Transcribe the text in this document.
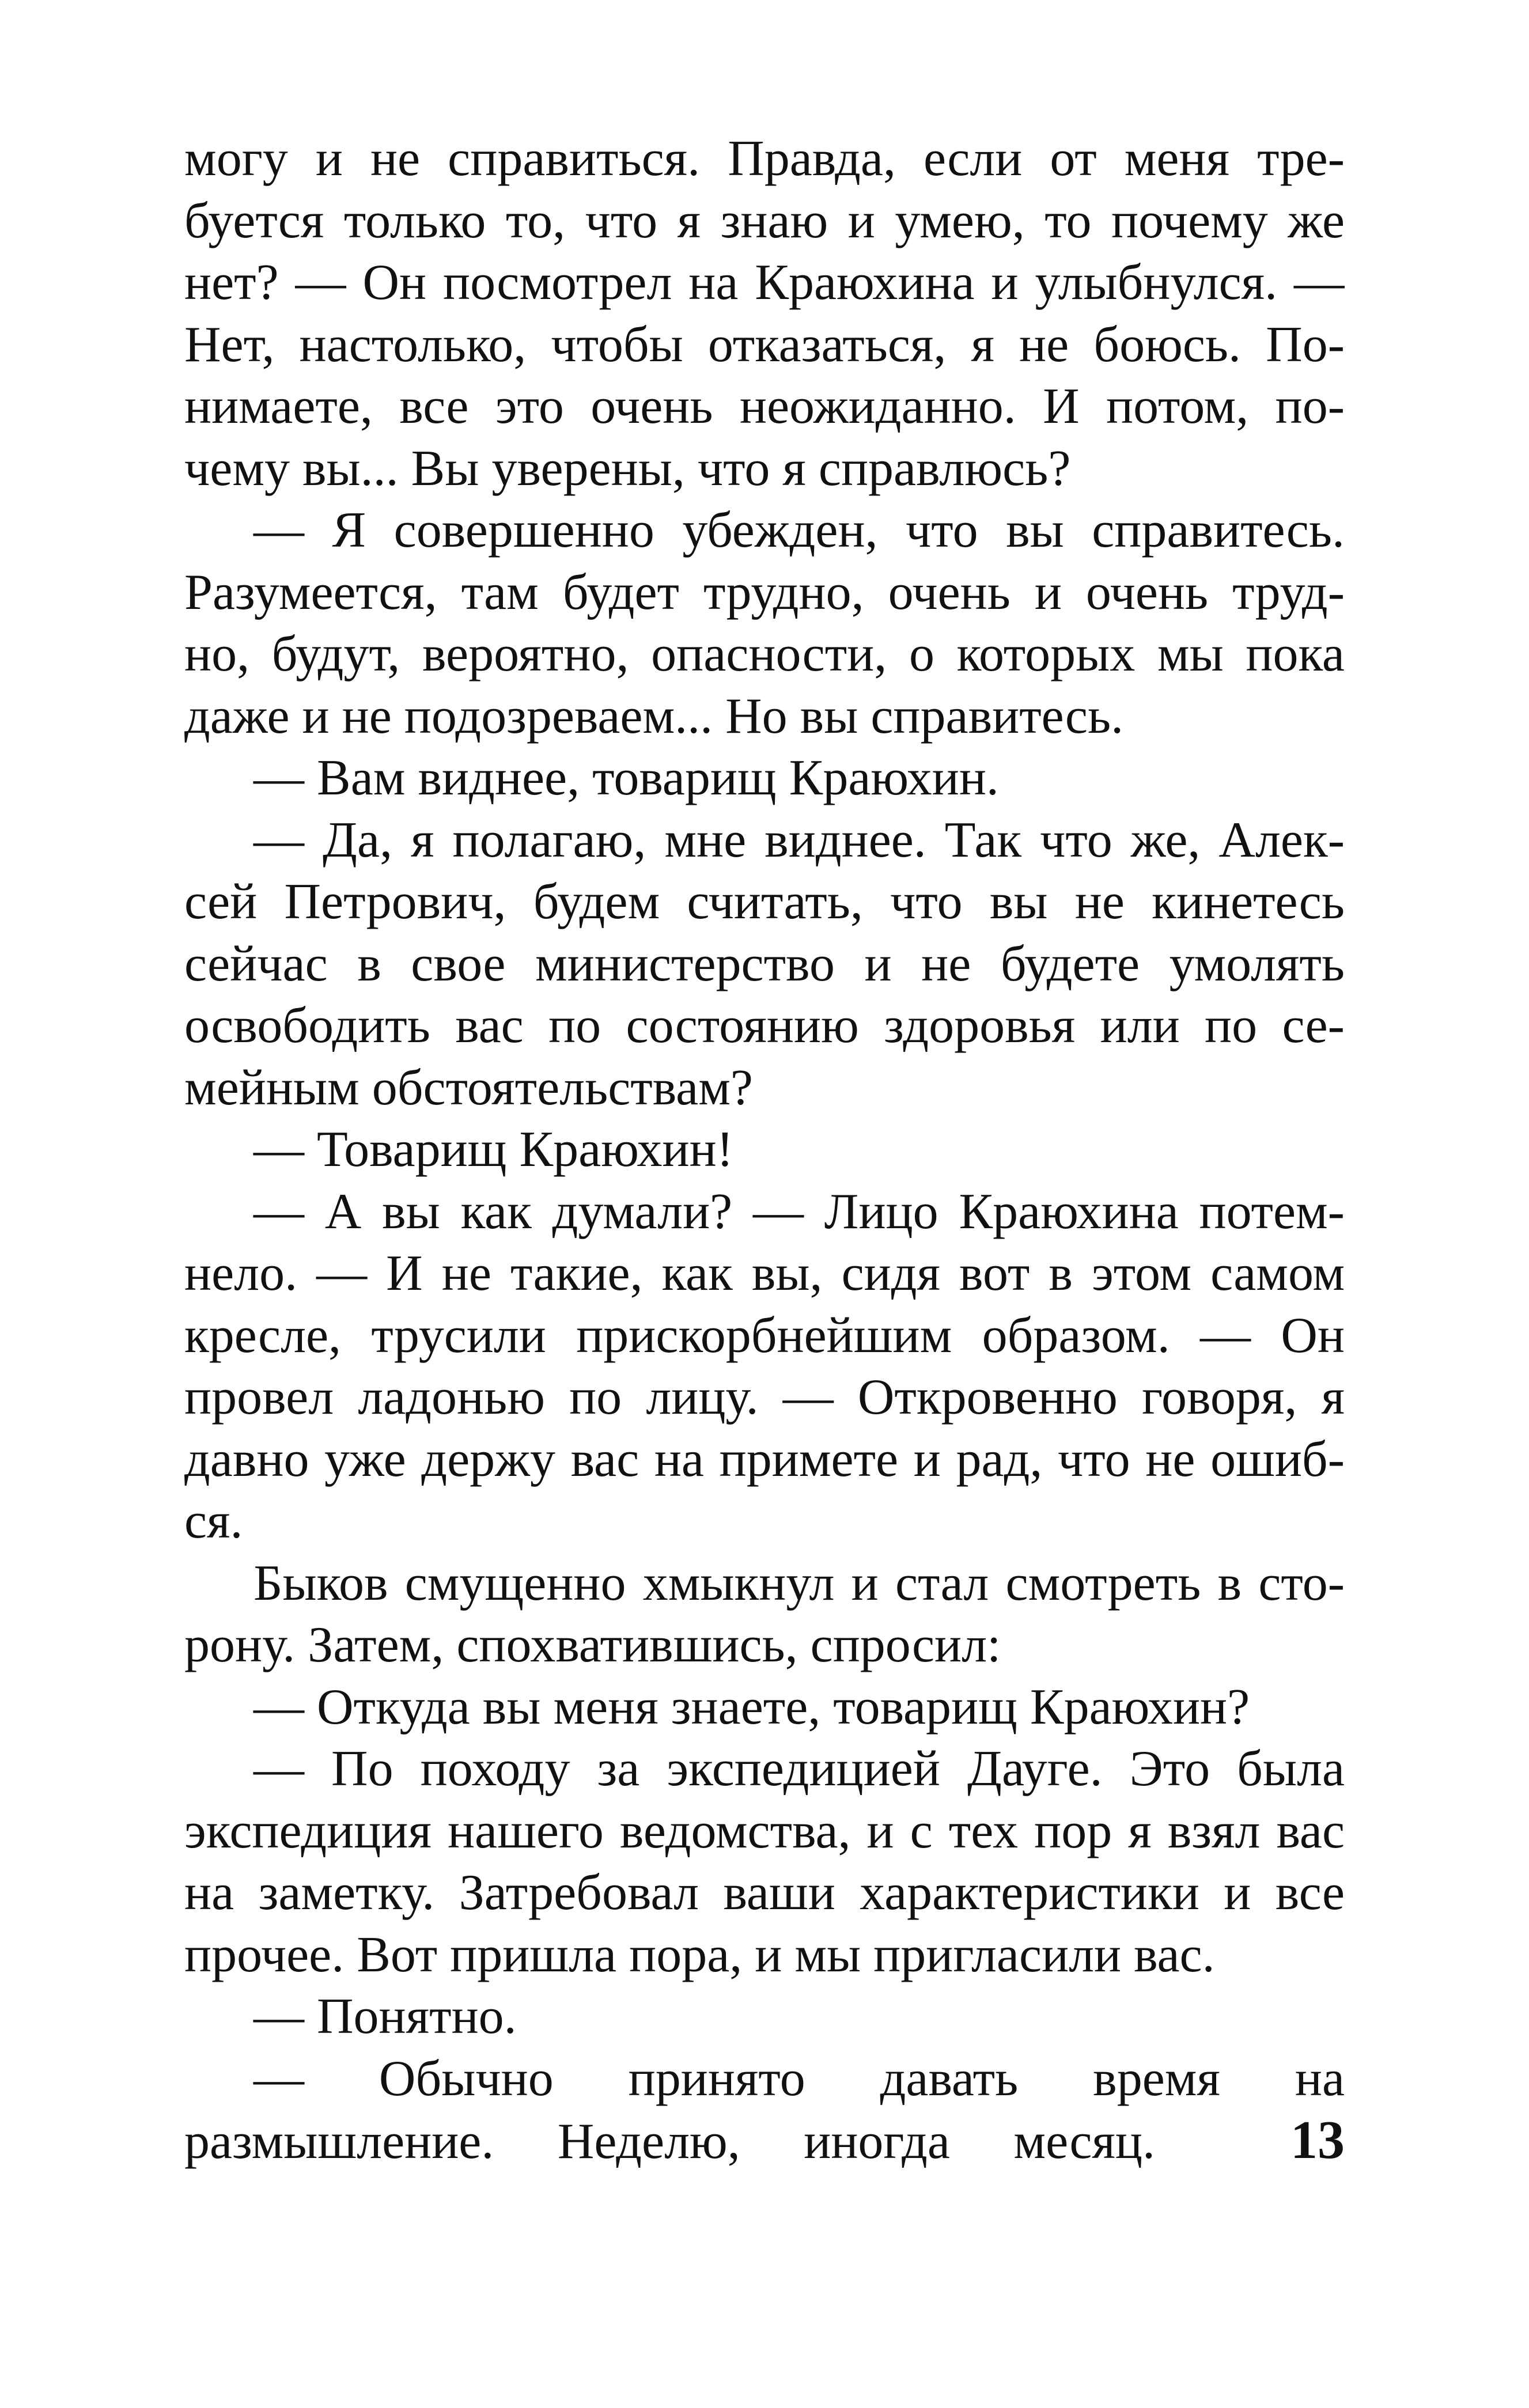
могу и не справиться. Правда, если от меня тре-
буется только то, что я знаю и умею, то почему же
нет? — Он посмотрел на Краюхина и улыбнулся. —
Нет, настолько, чтобы отказаться, я не боюсь. По-
нимаете, все это очень неожиданно. И потом, по-
чему вы... Вы уверены, что я справлюсь?
— Я совершенно убежден, что вы справитесь.
Разумеется, там будет трудно, очень и очень труд-
но, будут, вероятно, опасности, о которых мы пока
даже и не подозреваем... Но вы справитесь.
— Вам виднее, товарищ Краюхин.
— Да, я полагаю, мне виднее. Так что же, Алек-
сей Петрович, будем считать, что вы не кинетесь
сейчас в свое министерство и не будете умолять
освободить вас по состоянию здоровья или по се-
мейным обстоятельствам?
— Товарищ Краюхин!
— А вы как думали? — Лицо Краюхина потем-
нело. — И не такие, как вы, сидя вот в этом самом
кресле, трусили прискорбнейшим образом. — Он
провел ладонью по лицу. — Откровенно говоря, я
давно уже держу вас на примете и рад, что не ошиб-
ся.
Быков смущенно хмыкнул и стал смотреть в сто-
рону. Затем, спохватившись, спросил:
— Откуда вы меня знаете, товарищ Краюхин?
— По походу за экспедицией Дауге. Это была
экспедиция нашего ведомства, и с тех пор я взял вас
на заметку. Затребовал ваши характеристики и все
прочее. Вот пришла пора, и мы пригласили вас.
— Понятно.
— Обычно принято давать время на
размышление. Неделю, иногда месяц.	13
